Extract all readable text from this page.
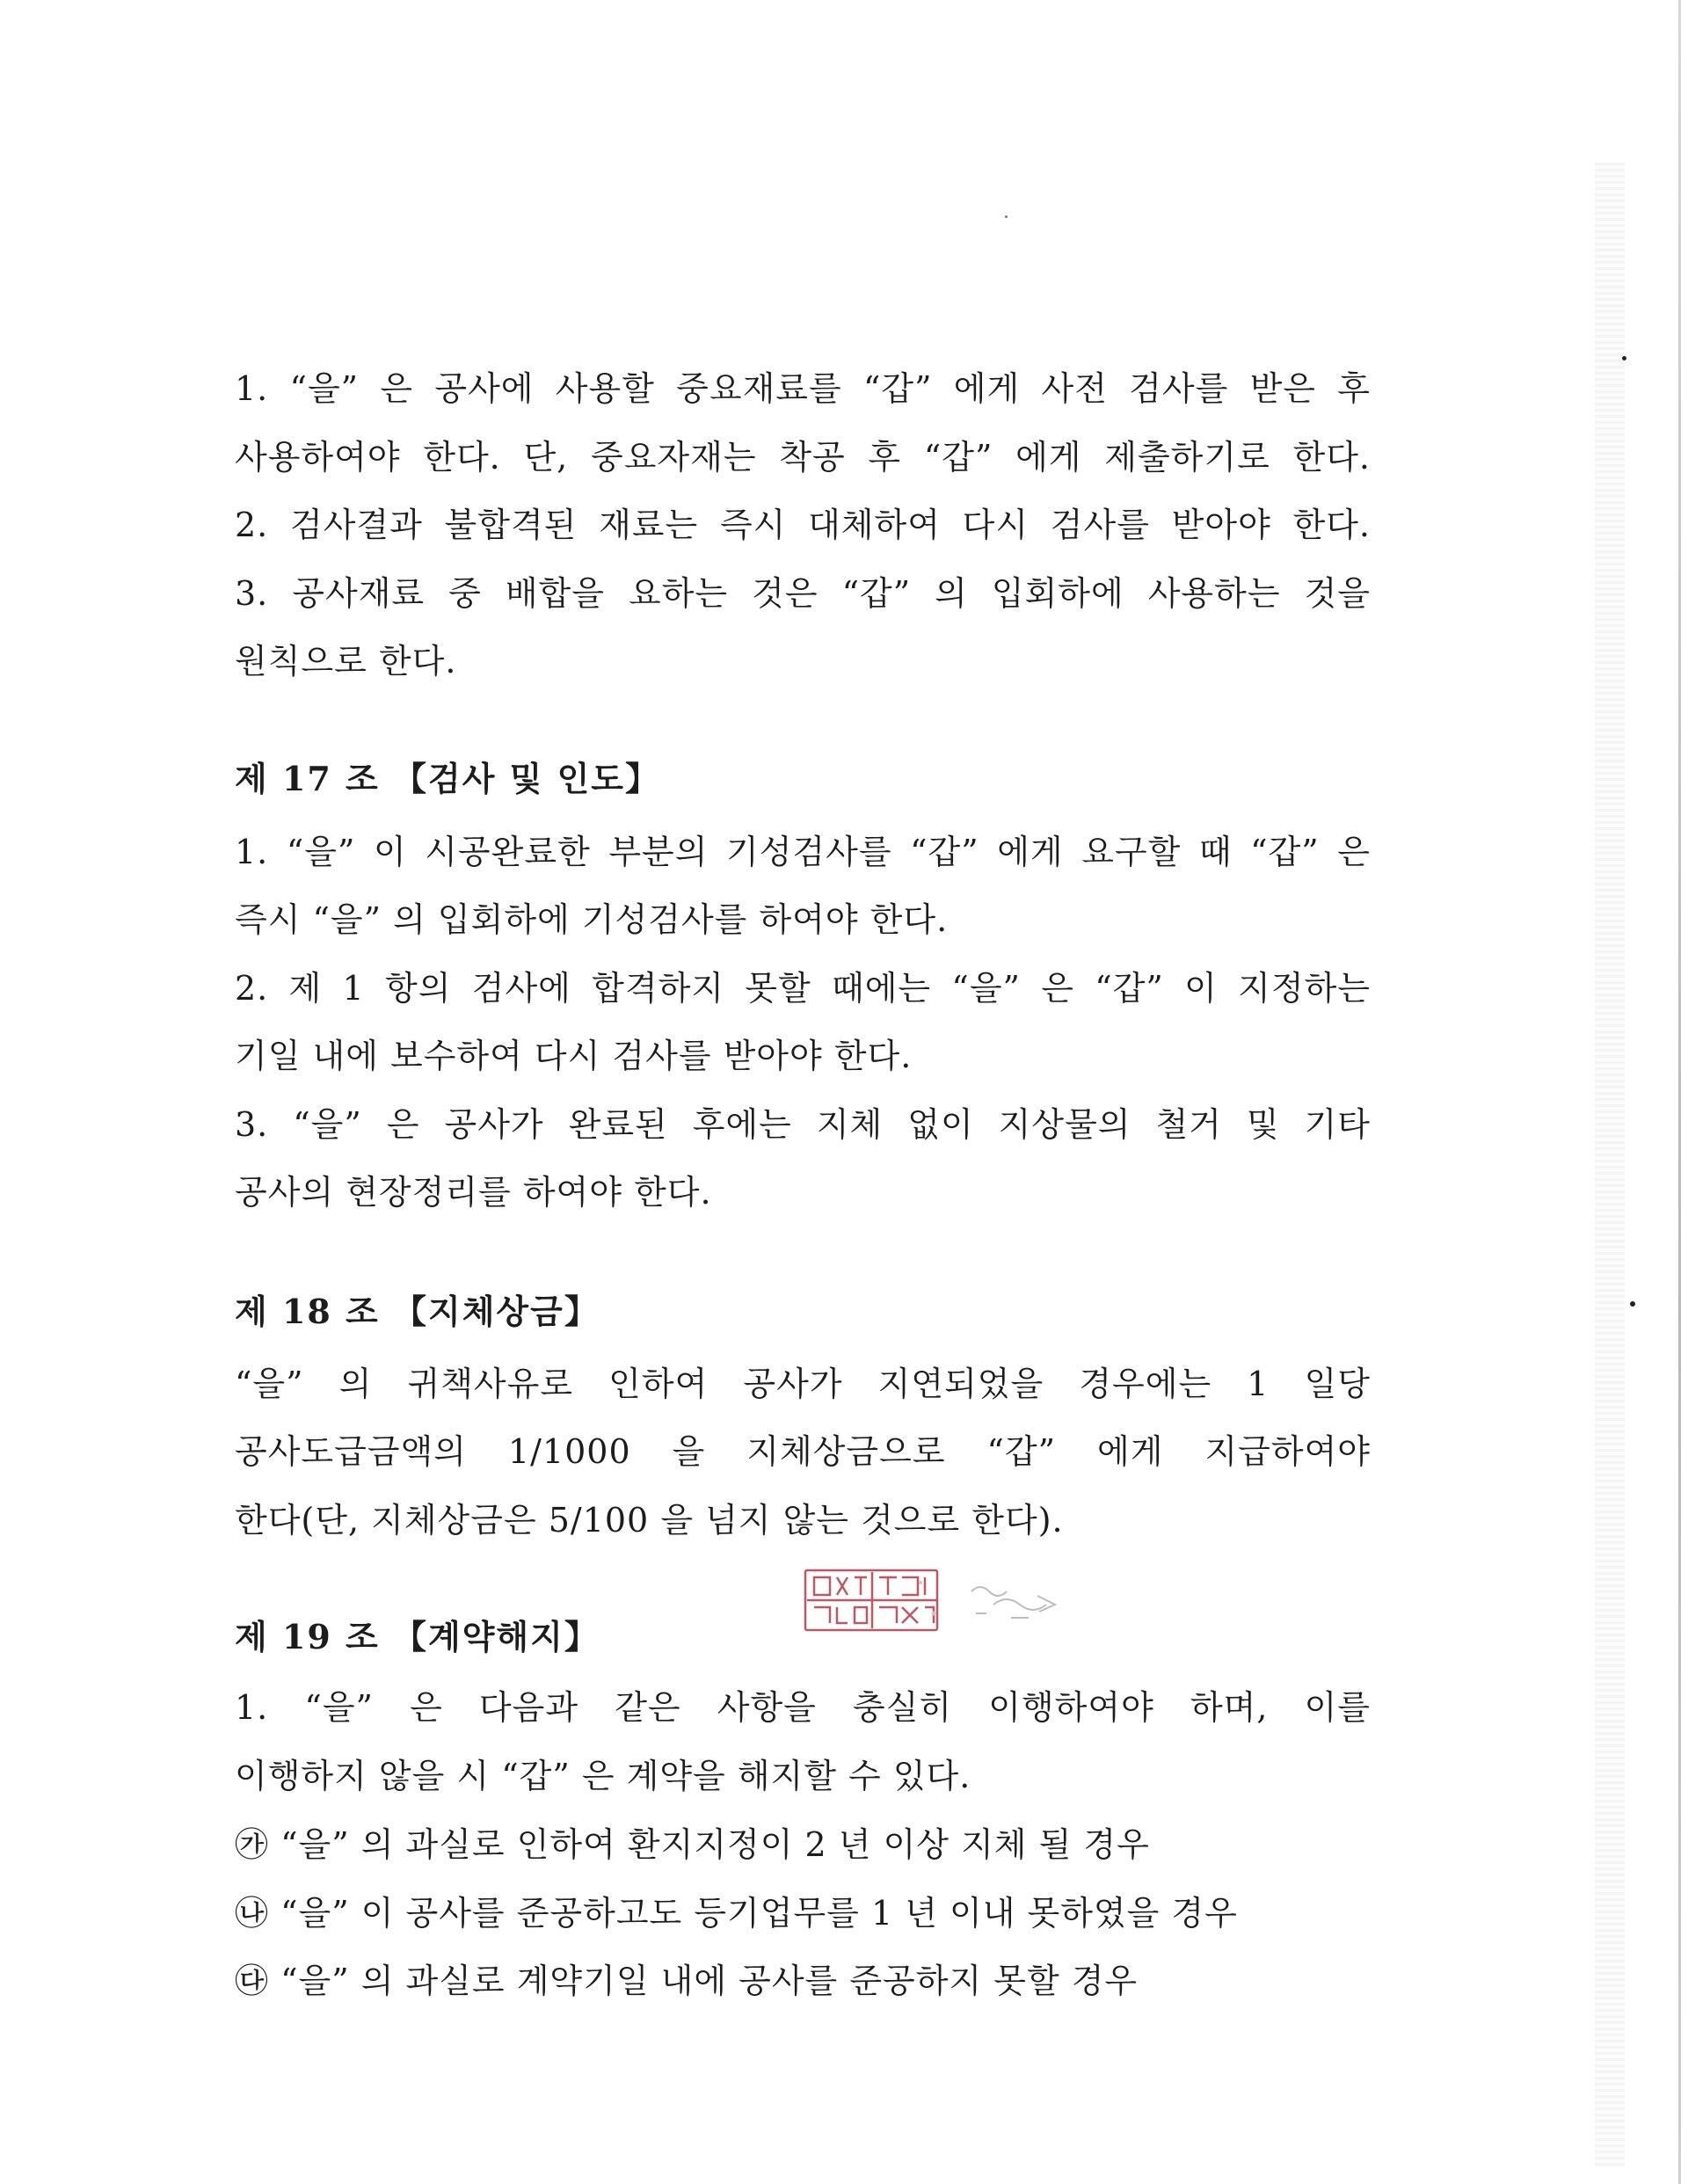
1. “을” 은 공사에 사용할 중요재료를 “갑” 에게 사전 검사를 받은 후
사용하여야 한다. 단, 중요자재는 착공 후 “갑” 에게 제출하기로 한다.
2. 검사결과 불합격된 재료는 즉시 대체하여 다시 검사를 받아야 한다.
3. 공사재료 중 배합을 요하는 것은 “갑” 의 입회하에 사용하는 것을
원칙으로 한다.
제 17 조 【검사 및 인도】
1. “을” 이 시공완료한 부분의 기성검사를 “갑” 에게 요구할 때 “갑” 은
즉시 “을” 의 입회하에 기성검사를 하여야 한다.
2. 제 1 항의 검사에 합격하지 못할 때에는 “을” 은 “갑” 이 지정하는
기일 내에 보수하여 다시 검사를 받아야 한다.
3. “을” 은 공사가 완료된 후에는 지체 없이 지상물의 철거 및 기타
공사의 현장정리를 하여야 한다.
제 18 조 【지체상금】
“을” 의 귀책사유로 인하여 공사가 지연되었을 경우에는 1 일당
공사도급금액의 1/1000 을 지체상금으로 “갑” 에게 지급하여야
한다(단, 지체상금은 5/100 을 넘지 않는 것으로 한다).
제 19 조 【계약해지】
1. “을” 은 다음과 같은 사항을 충실히 이행하여야 하며, 이를
이행하지 않을 시 “갑” 은 계약을 해지할 수 있다.
㉮ “을” 의 과실로 인하여 환지지정이 2 년 이상 지체 될 경우
㉯ “을” 이 공사를 준공하고도 등기업무를 1 년 이내 못하였을 경우
㉰ “을” 의 과실로 계약기일 내에 공사를 준공하지 못할 경우
